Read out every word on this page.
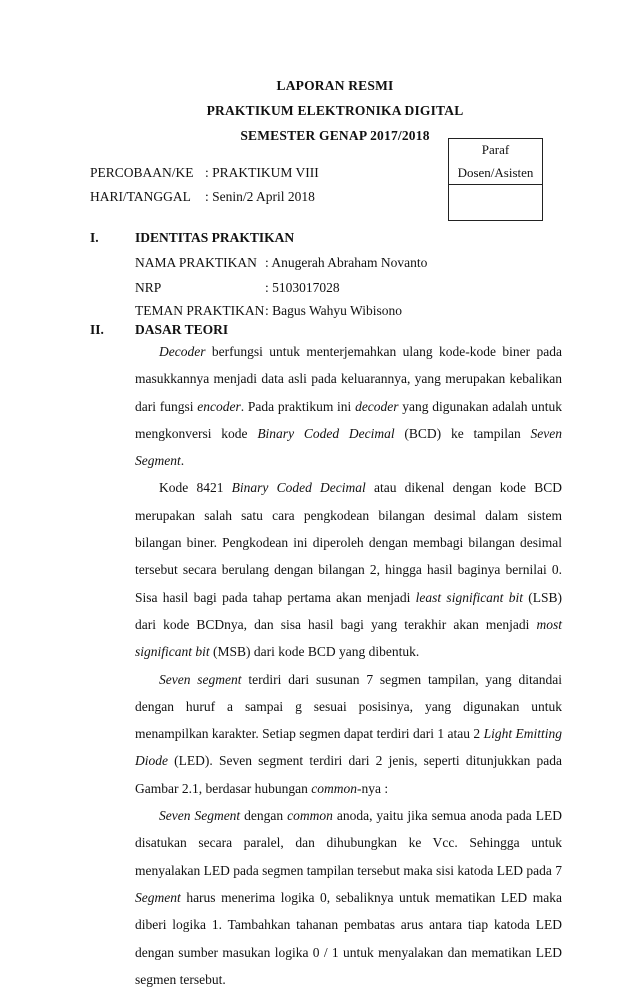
LAPORAN RESMI
PRAKTIKUM ELEKTRONIKA DIGITAL
SEMESTER GENAP 2017/2018
Paraf
Dosen/Asisten
PERCOBAAN/KE : PRAKTIKUM VIII
HARI/TANGGAL : Senin/2 April 2018
I.	IDENTITAS PRAKTIKAN
NAMA PRAKTIKAN : Anugerah Abraham Novanto
NRP	: 5103017028
TEMAN PRAKTIKAN : Bagus Wahyu Wibisono
II. DASAR TEORI

Decoder berfungsi untuk menterjemahkan ulang kode-kode biner pada masukkannya menjadi data asli pada keluarannya, yang merupakan kebalikan dari fungsi encoder. Pada praktikum ini decoder yang digunakan adalah untuk mengkonversi kode Binary Coded Decimal (BCD) ke tampilan Seven Segment.

Kode 8421 Binary Coded Decimal atau dikenal dengan kode BCD merupakan salah satu cara pengkodean bilangan desimal dalam sistem bilangan biner. Pengkodean ini diperoleh dengan membagi bilangan desimal tersebut secara berulang dengan bilangan 2, hingga hasil baginya bernilai 0. Sisa hasil bagi pada tahap pertama akan menjadi least significant bit (LSB) dari kode BCDnya, dan sisa hasil bagi yang terakhir akan menjadi most significant bit (MSB) dari kode BCD yang dibentuk.

Seven segment terdiri dari susunan 7 segmen tampilan, yang ditandai dengan huruf a sampai g sesuai posisinya, yang digunakan untuk menampilkan karakter. Setiap segmen dapat terdiri dari 1 atau 2 Light Emitting Diode (LED). Seven segment terdiri dari 2 jenis, seperti ditunjukkan pada Gambar 2.1, berdasar hubungan common-nya :

Seven Segment dengan common anoda, yaitu jika semua anoda pada LED disatukan secara paralel, dan dihubungkan ke Vcc. Sehingga untuk menyalakan LED pada segmen tampilan tersebut maka sisi katoda LED pada 7 Segment harus menerima logika 0, sebaliknya untuk mematikan LED maka diberi logika 1. Tambahkan tahanan pembatas arus antara tiap katoda LED dengan sumber masukan logika 0 / 1 untuk menyalakan dan mematikan LED segmen tersebut.
